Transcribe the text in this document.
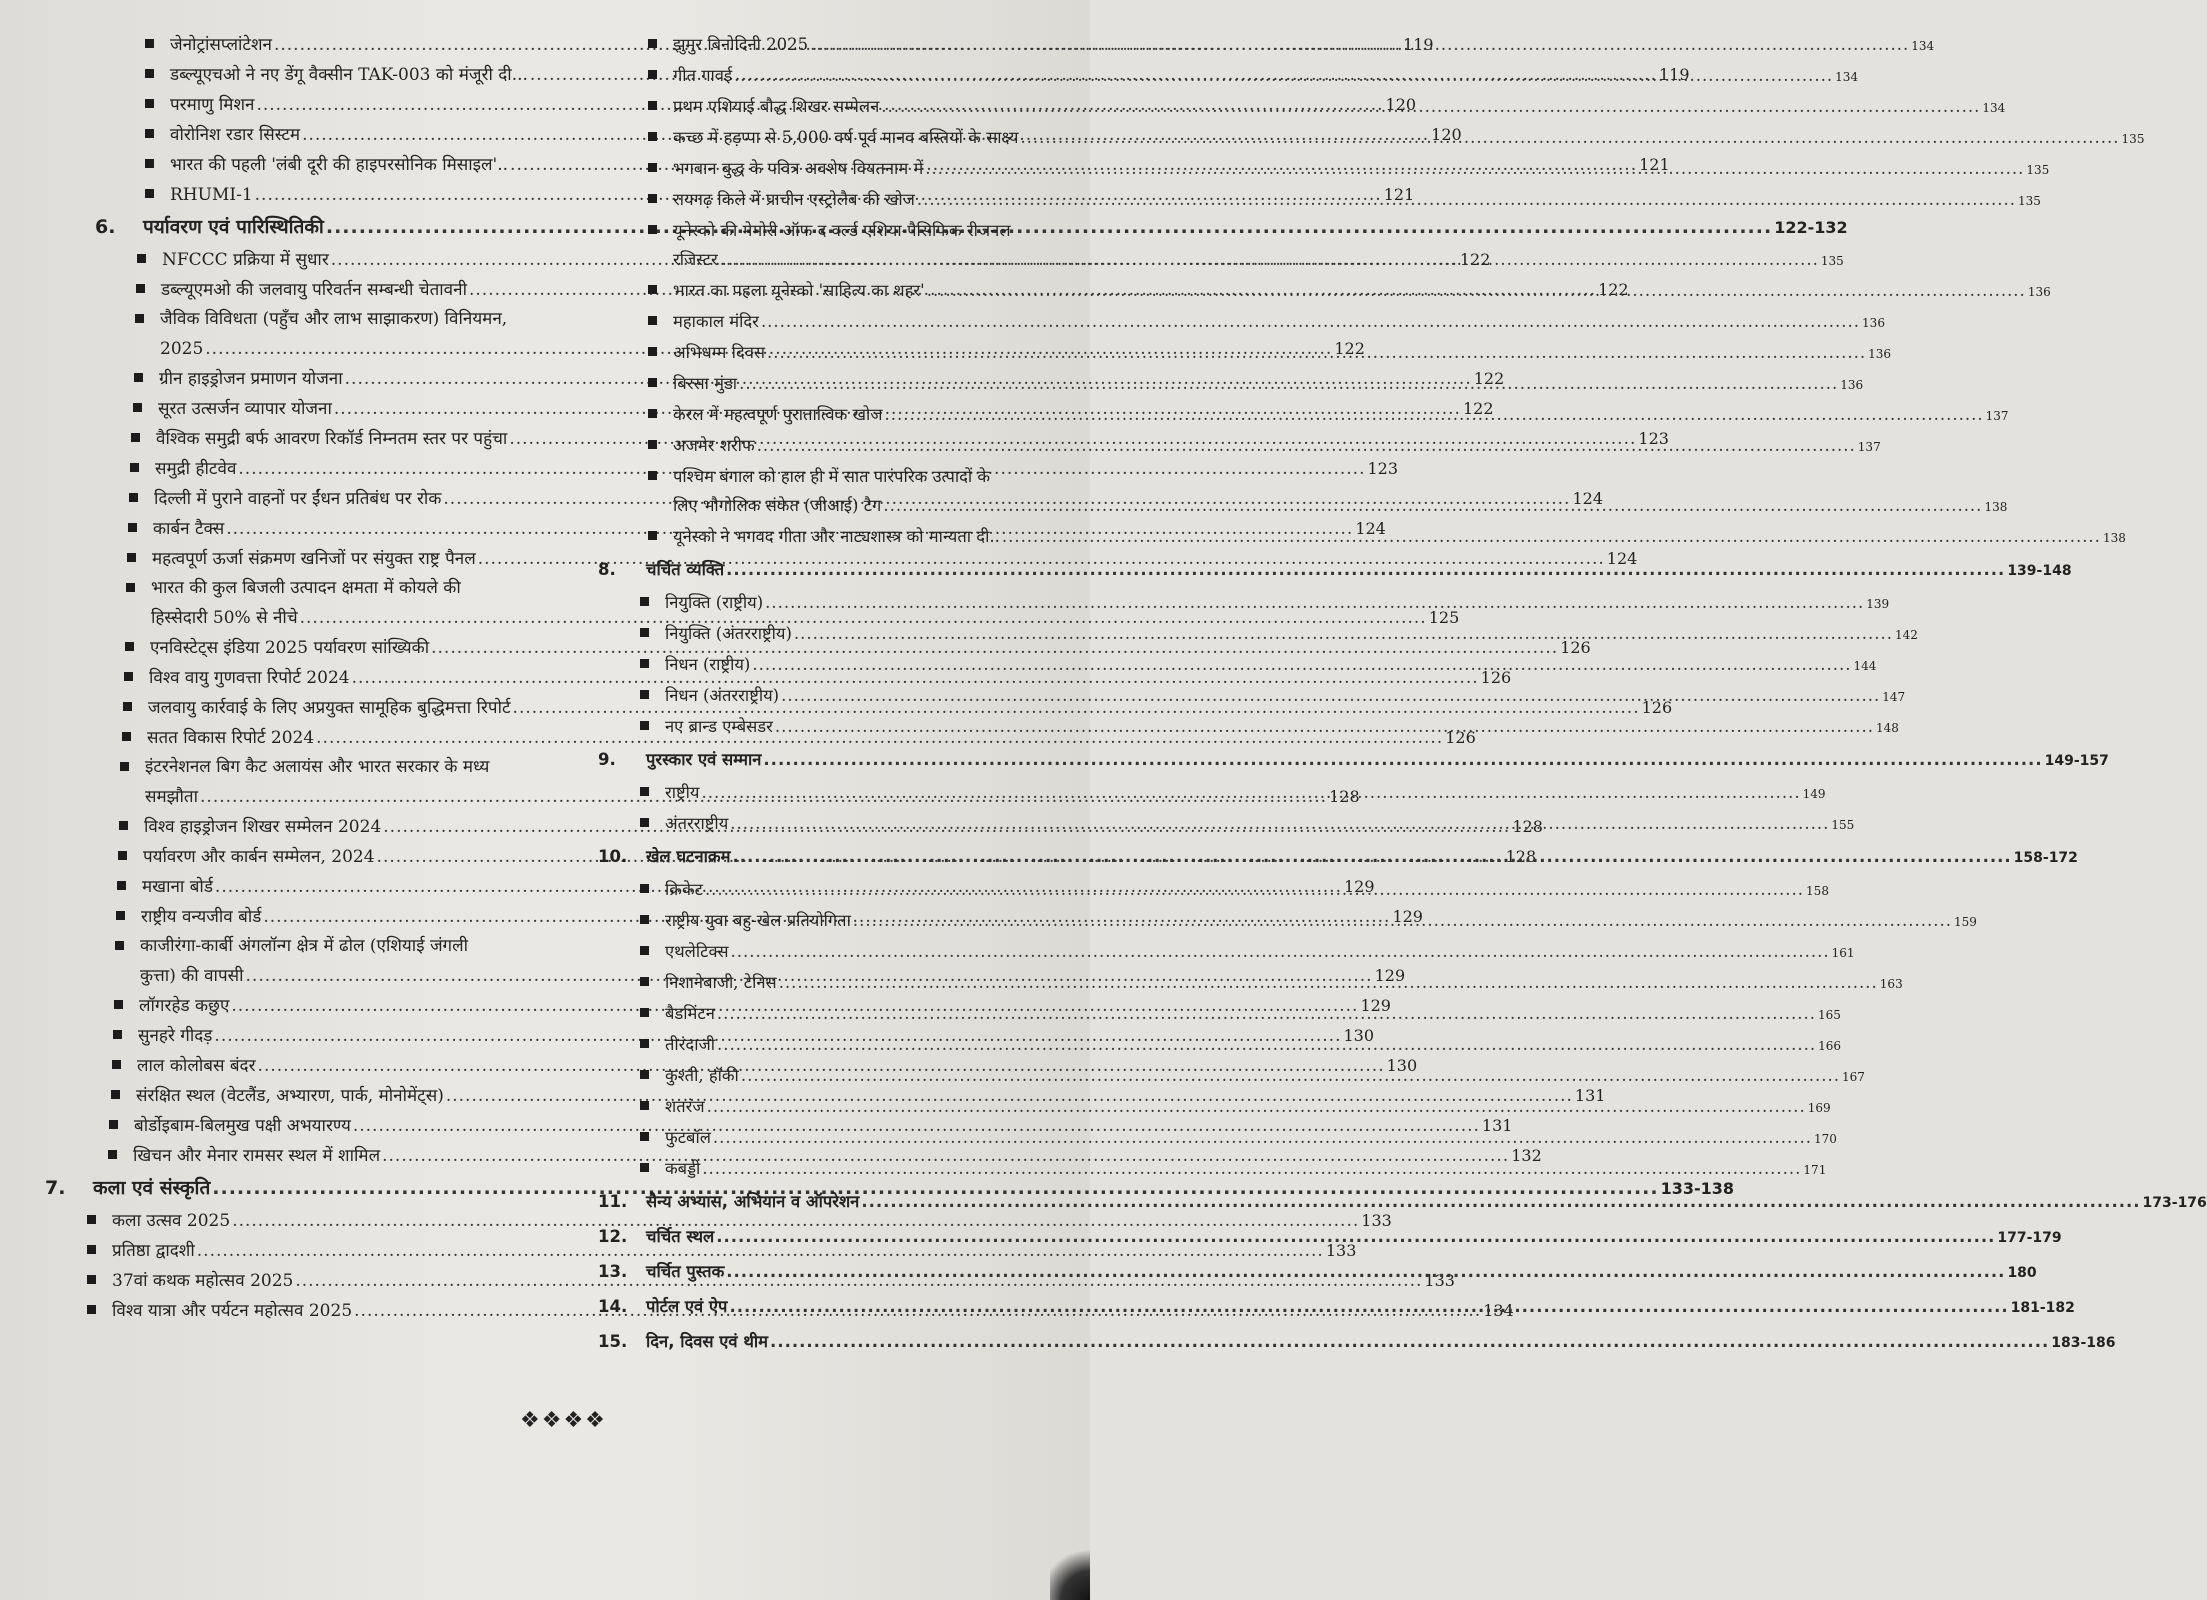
जेनोट्रांसप्लांटेशन .....	119
डब्ल्यूएचओ ने नए डेंगू वैक्सीन TAK-003 को मंजूरी दी... .....	119
परमाणु मिशन .....	120
वोरोनिश रडार सिस्टम .....	120
भारत की पहली 'लंबी दूरी की हाइपरसोनिक मिसाइल'.. .....	121
RHUMI-1 .....	121
6.	पर्यावरण एवं पारिस्थितिकी .....	122-132
NFCCC प्रक्रिया में सुधार .....	122
डब्ल्यूएमओ की जलवायु परिवर्तन सम्बन्धी चेतावनी .....	122
जैविक विविधता (पहुँच और लाभ साझाकरण) विनियमन,
2025 .....	122
ग्रीन हाइड्रोजन प्रमाणन योजना .....	122
सूरत उत्सर्जन व्यापार योजना .....	122
वैश्विक समुद्री बर्फ आवरण रिकॉर्ड निम्नतम स्तर पर पहुंचा .....	123
समुद्री हीटवेव .....	123
दिल्ली में पुराने वाहनों पर ईंधन प्रतिबंध पर रोक .....	124
कार्बन टैक्स .....	124
महत्वपूर्ण ऊर्जा संक्रमण खनिजों पर संयुक्त राष्ट्र पैनल .....	124
भारत की कुल बिजली उत्पादन क्षमता में कोयले की
हिस्सेदारी 50% से नीचे .....	125
एनविस्टेट्स इंडिया 2025 पर्यावरण सांख्यिकी .....	126
विश्व वायु गुणवत्ता रिपोर्ट 2024 .....	126
जलवायु कार्रवाई के लिए अप्रयुक्त सामूहिक बुद्धिमत्ता रिपोर्ट .....	126
सतत विकास रिपोर्ट 2024 .....	126
इंटरनेशनल बिग कैट अलायंस और भारत सरकार के मध्य
समझौता .....	128
विश्व हाइड्रोजन शिखर सम्मेलन 2024 .....	128
पर्यावरण और कार्बन सम्मेलन, 2024 .....	128
मखाना बोर्ड .....	129
राष्ट्रीय वन्यजीव बोर्ड .....	129
काजीरंगा-कार्बी अंगलॉन्ग क्षेत्र में ढोल (एशियाई जंगली
कुत्ता) की वापसी .....	129
लॉगरहेड कछुए .....	129
सुनहरे गीदड़ .....	130
लाल कोलोबस बंदर .....	130
संरक्षित स्थल (वेटलैंड, अभ्यारण, पार्क, मोनोमेंट्स) .....	131
बोर्डोइबाम-बिलमुख पक्षी अभयारण्य .....	131
खिचन और मेनार रामसर स्थल में शामिल .....	132
7.	कला एवं संस्कृति .....	133-138
कला उत्सव 2025 .....	133
प्रतिष्ठा द्वादशी .....	133
37वां कथक महोत्सव 2025 .....	133
विश्व यात्रा और पर्यटन महोत्सव 2025 .....	134
झुमुर बिनोदिनी 2025 .....	134
गीत गावई .....	134
प्रथम एशियाई बौद्ध शिखर सम्मेलन .....	134
कच्छ में हड़प्पा से 5,000 वर्ष पूर्व मानव बस्तियों के साक्ष्य .....	135
भगवान बुद्ध के पवित्र अवशेष वियतनाम में .....	135
रायगढ़ किले में प्राचीन एस्ट्रोलैब की खोज .....	135
यूनेस्को की मेमोरी ऑफ द वर्ल्ड एशिया-पैसिफिक रीजनल
रजिस्टर .....	135
भारत का पहला यूनेस्को 'साहित्य का शहर' .....	136
महाकाल मंदिर .....	136
अभिधम्म दिवस .....	136
बिरसा मुंडा .....	136
केरल में महत्वपूर्ण पुरातात्विक खोज .....	137
अजमेर शरीफ .....	137
पश्चिम बंगाल को हाल ही में सात पारंपरिक उत्पादों के
लिए भौगोलिक संकेत (जीआई) टैग .....	138
यूनेस्को ने भगवद गीता और नाट्यशास्त्र को मान्यता दी.. .....	138
8.	चर्चित व्यक्ति .....	139-148
नियुक्ति (राष्ट्रीय) .....	139
नियुक्ति (अंतरराष्ट्रीय) .....	142
निधन (राष्ट्रीय) .....	144
निधन (अंतरराष्ट्रीय) .....	147
नए ब्रान्ड एम्बेसडर .....	148
9.	पुरस्कार एवं सम्मान .....	149-157
राष्ट्रीय .....	149
अंतरराष्ट्रीय .....	155
10.	खेल घटनाक्रम .....	158-172
क्रिकेट .....	158
राष्ट्रीय युवा बहु-खेल प्रतियोगिता .....	159
एथलेटिक्स .....	161
निशानेबाजी, टेनिस .....	163
बैडमिंटन .....	165
तीरंदाजी .....	166
कुश्ती, हॉकी .....	167
शतरंज .....	169
फुटबॉल .....	170
कबड्डी .....	171
11.	सैन्य अभ्यास, अभियान व ऑपरेशन .....	173-176
12.	चर्चित स्थल .....	177-179
13.	चर्चित पुस्तक .....	180
14.	पोर्टल एवं ऐप .....	181-182
15.	दिन, दिवस एवं थीम .....	183-186
❖❖❖❖
